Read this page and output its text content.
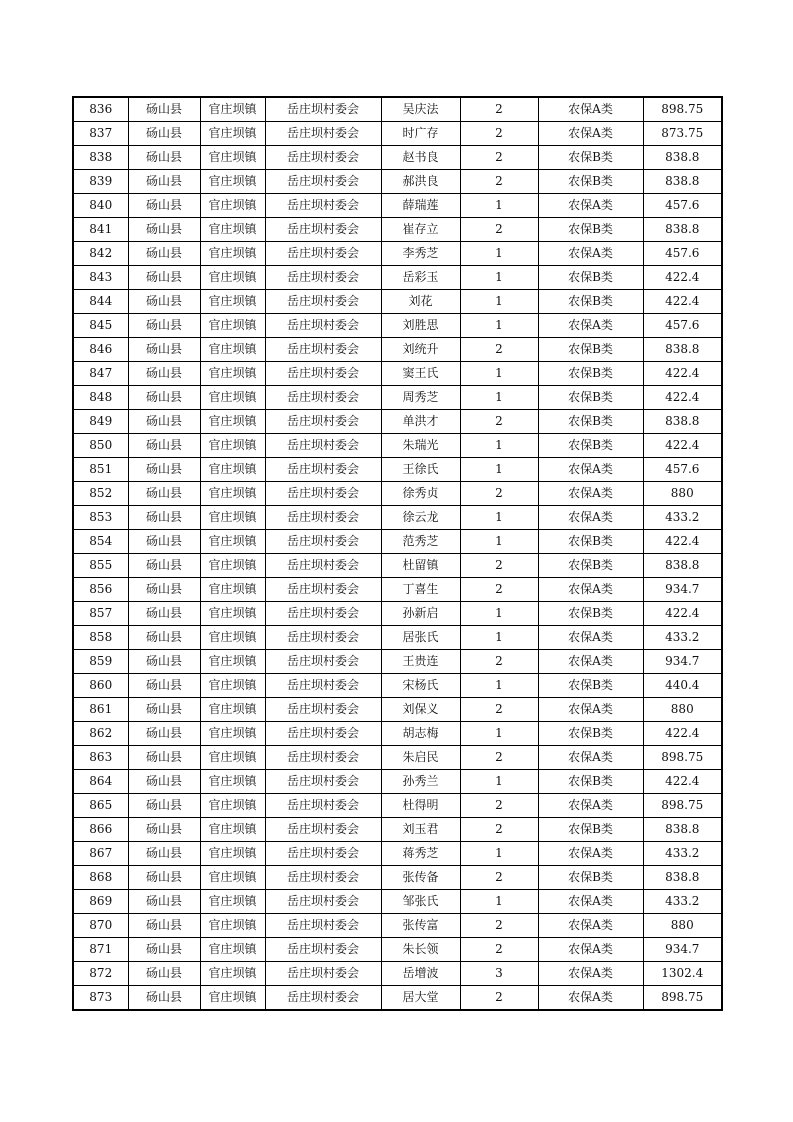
836	砀山县	官庄坝镇	岳庄坝村委会	吴庆法	2	农保A类	898.75
837	砀山县	官庄坝镇	岳庄坝村委会	时广存	2	农保A类	873.75
838	砀山县	官庄坝镇	岳庄坝村委会	赵书良	2	农保B类	838.8
839	砀山县	官庄坝镇	岳庄坝村委会	郝洪良	2	农保B类	838.8
840	砀山县	官庄坝镇	岳庄坝村委会	薛瑞莲	1	农保A类	457.6
841	砀山县	官庄坝镇	岳庄坝村委会	崔存立	2	农保B类	838.8
842	砀山县	官庄坝镇	岳庄坝村委会	李秀芝	1	农保A类	457.6
843	砀山县	官庄坝镇	岳庄坝村委会	岳彩玉	1	农保B类	422.4
844	砀山县	官庄坝镇	岳庄坝村委会	刘花	1	农保B类	422.4
845	砀山县	官庄坝镇	岳庄坝村委会	刘胜思	1	农保A类	457.6
846	砀山县	官庄坝镇	岳庄坝村委会	刘统升	2	农保B类	838.8
847	砀山县	官庄坝镇	岳庄坝村委会	窦王氏	1	农保B类	422.4
848	砀山县	官庄坝镇	岳庄坝村委会	周秀芝	1	农保B类	422.4
849	砀山县	官庄坝镇	岳庄坝村委会	单洪才	2	农保B类	838.8
850	砀山县	官庄坝镇	岳庄坝村委会	朱瑞光	1	农保B类	422.4
851	砀山县	官庄坝镇	岳庄坝村委会	王徐氏	1	农保A类	457.6
852	砀山县	官庄坝镇	岳庄坝村委会	徐秀贞	2	农保A类	880
853	砀山县	官庄坝镇	岳庄坝村委会	徐云龙	1	农保A类	433.2
854	砀山县	官庄坝镇	岳庄坝村委会	范秀芝	1	农保B类	422.4
855	砀山县	官庄坝镇	岳庄坝村委会	杜留镇	2	农保B类	838.8
856	砀山县	官庄坝镇	岳庄坝村委会	丁喜生	2	农保A类	934.7
857	砀山县	官庄坝镇	岳庄坝村委会	孙新启	1	农保B类	422.4
858	砀山县	官庄坝镇	岳庄坝村委会	居张氏	1	农保A类	433.2
859	砀山县	官庄坝镇	岳庄坝村委会	王贵连	2	农保A类	934.7
860	砀山县	官庄坝镇	岳庄坝村委会	宋杨氏	1	农保B类	440.4
861	砀山县	官庄坝镇	岳庄坝村委会	刘保义	2	农保A类	880
862	砀山县	官庄坝镇	岳庄坝村委会	胡志梅	1	农保B类	422.4
863	砀山县	官庄坝镇	岳庄坝村委会	朱启民	2	农保A类	898.75
864	砀山县	官庄坝镇	岳庄坝村委会	孙秀兰	1	农保B类	422.4
865	砀山县	官庄坝镇	岳庄坝村委会	杜得明	2	农保A类	898.75
866	砀山县	官庄坝镇	岳庄坝村委会	刘玉君	2	农保B类	838.8
867	砀山县	官庄坝镇	岳庄坝村委会	蒋秀芝	1	农保A类	433.2
868	砀山县	官庄坝镇	岳庄坝村委会	张传备	2	农保B类	838.8
869	砀山县	官庄坝镇	岳庄坝村委会	邹张氏	1	农保A类	433.2
870	砀山县	官庄坝镇	岳庄坝村委会	张传富	2	农保A类	880
871	砀山县	官庄坝镇	岳庄坝村委会	朱长领	2	农保A类	934.7
872	砀山县	官庄坝镇	岳庄坝村委会	岳增波	3	农保A类	1302.4
873	砀山县	官庄坝镇	岳庄坝村委会	居大堂	2	农保A类	898.75
